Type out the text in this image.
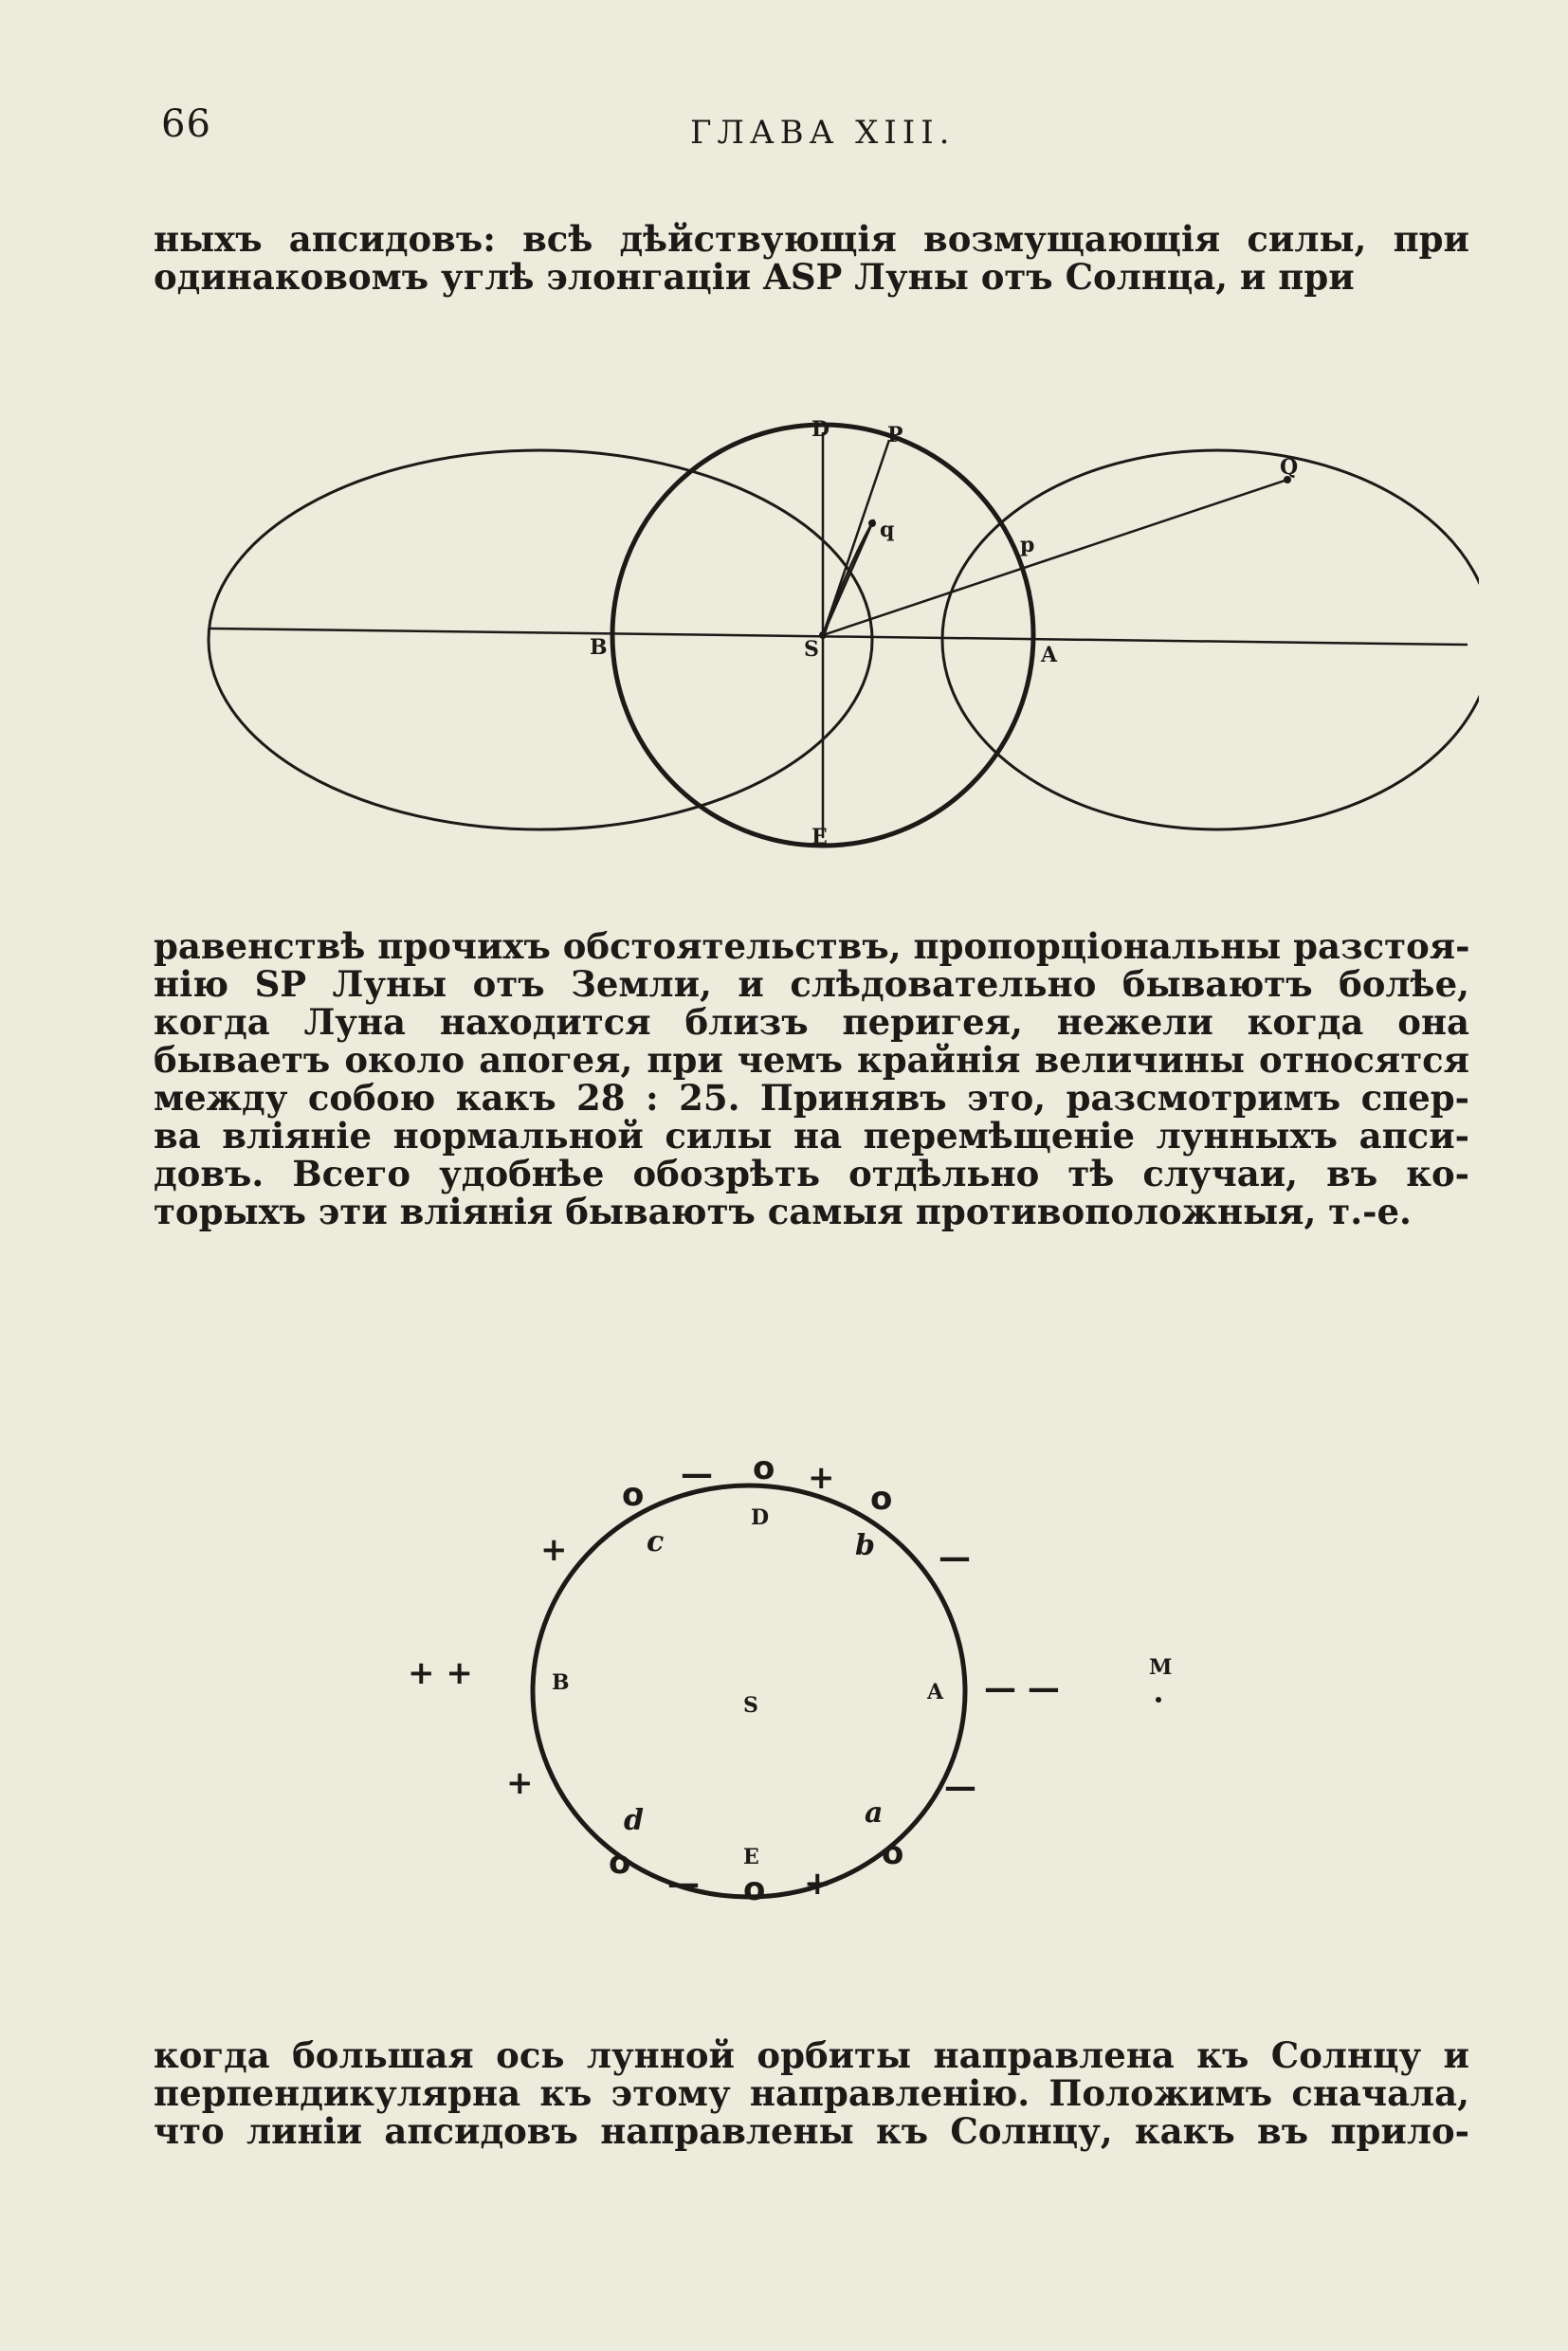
66	ГЛАВА XIII.
ныхъ апсидовъ: всѣ дѣйствующія возмущающія силы, при
одинаковомъ углѣ элонгаціи ASP Луны отъ Солнца, и при
D	P
Q
q
p
B	S	A
E
равенствѣ прочихъ обстоятельствъ, пропорціональны разстоя-
нію SP Луны отъ Земли, и слѣдовательно бываютъ болѣе,
когда Луна находится близъ перигея, нежели когда она
бываетъ около апогея, при чемъ крайнія величины относятся
между собою какъ 28 : 25. Принявъ это, разсмотримъ спер-
ва вліяніе нормальной силы на перемѣщеніе лунныхъ апси-
довъ. Всего удобнѣе обозрѣть отдѣльно тѣ случаи, въ ко-
торыхъ эти вліянія бываютъ самыя противоположныя, т.-е.
D
B
S
A
E
M
c	b
d	a
— o +
o	o
+	—
+ +	— —
+	—
o	o
— o +
когда большая ось лунной орбиты направлена къ Солнцу и
перпендикулярна къ этому направленію. Положимъ сначала,
что линіи апсидовъ направлены къ Солнцу, какъ въ прило-
